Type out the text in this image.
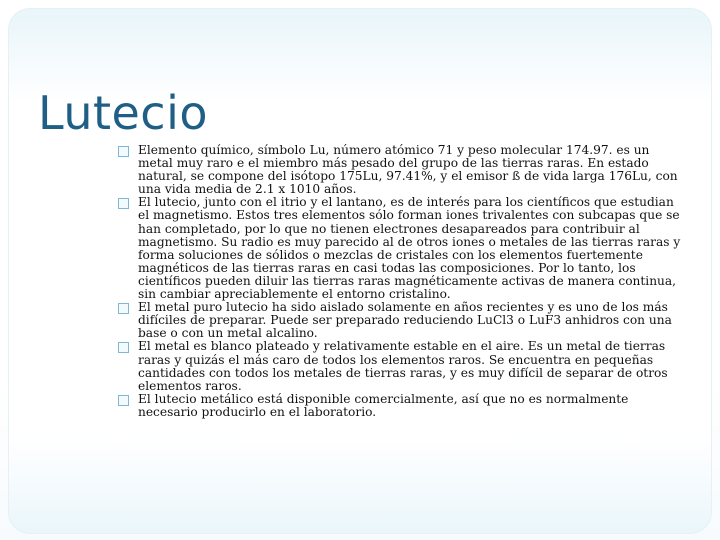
Lutecio
Elemento químico, símbolo Lu, número atómico 71 y peso molecular 174.97. es un metal muy raro e el miembro más pesado del grupo de las tierras raras. En estado natural, se compone del isótopo 175Lu, 97.41%, y el emisor ß de vida larga 176Lu, con una vida media de 2.1 x 1010 años.
El lutecio, junto con el itrio y el lantano, es de interés para los científicos que estudian el magnetismo. Estos tres elementos sólo forman iones trivalentes con subcapas que se han completado, por lo que no tienen electrones desapareados para contribuir al magnetismo. Su radio es muy parecido al de otros iones o metales de las tierras raras y forma soluciones de sólidos o mezclas de cristales con los elementos fuertemente magnéticos de las tierras raras en casi todas las composiciones. Por lo tanto, los científicos pueden diluir las tierras raras magnéticamente activas de manera continua, sin cambiar apreciablemente el entorno cristalino.
El metal puro lutecio ha sido aislado solamente en años recientes y es uno de los más difíciles de preparar. Puede ser preparado reduciendo LuCl3 o LuF3 anhidros con una base o con un metal alcalino.
El metal es blanco plateado y relativamente estable en el aire. Es un metal de tierras raras y quizás el más caro de todos los elementos raros. Se encuentra en pequeñas cantidades con todos los metales de tierras raras, y es muy difícil de separar de otros elementos raros.
El lutecio metálico está disponible comercialmente, así que no es normalmente necesario producirlo en el laboratorio.
